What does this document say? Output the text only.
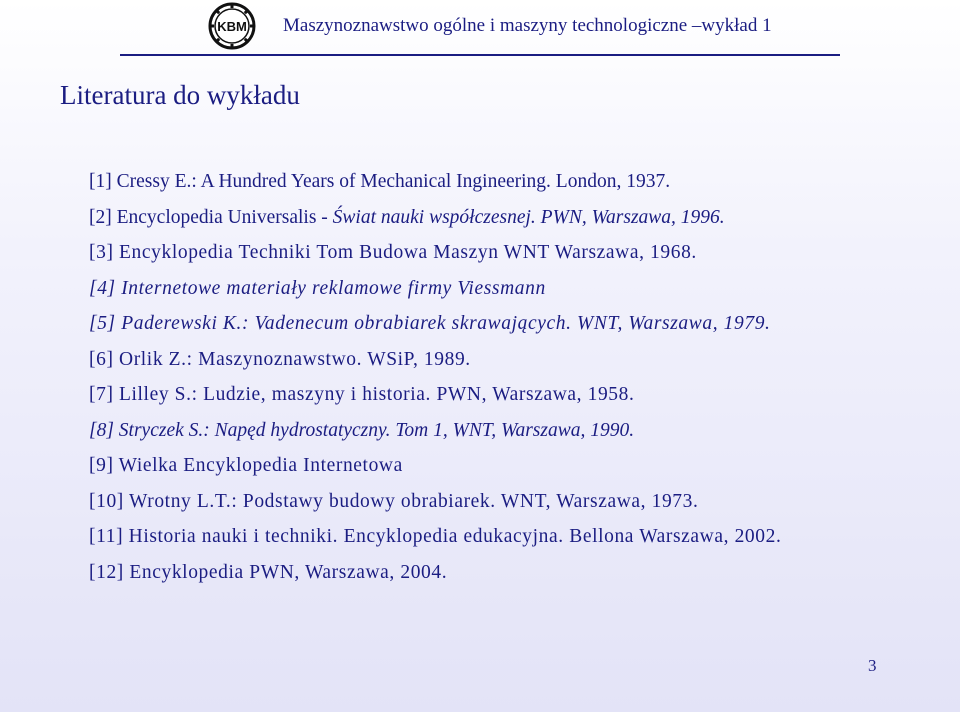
KBM Maszynoznawstwo ogólne i maszyny technologiczne –wykład 1
Literatura do wykładu
[1] Cressy E.: A Hundred Years of Mechanical Ingineering. London, 1937.
[2] Encyclopedia Universalis - Świat nauki współczesnej. PWN, Warszawa, 1996.
[3] Encyklopedia Techniki Tom Budowa Maszyn WNT Warszawa, 1968.
[4] Internetowe materiały reklamowe firmy Viessmann
[5] Paderewski K.: Vadenecum obrabiarek skrawających. WNT, Warszawa, 1979.
[6] Orlik Z.: Maszynoznawstwo. WSiP, 1989.
[7] Lilley S.: Ludzie, maszyny i historia. PWN, Warszawa, 1958.
[8] Stryczek S.: Napęd hydrostatyczny. Tom 1, WNT, Warszawa, 1990.
[9] Wielka Encyklopedia Internetowa
[10] Wrotny L.T.: Podstawy budowy obrabiarek. WNT, Warszawa, 1973.
[11] Historia nauki i techniki. Encyklopedia edukacyjna. Bellona Warszawa, 2002.
[12] Encyklopedia PWN, Warszawa, 2004.
3
